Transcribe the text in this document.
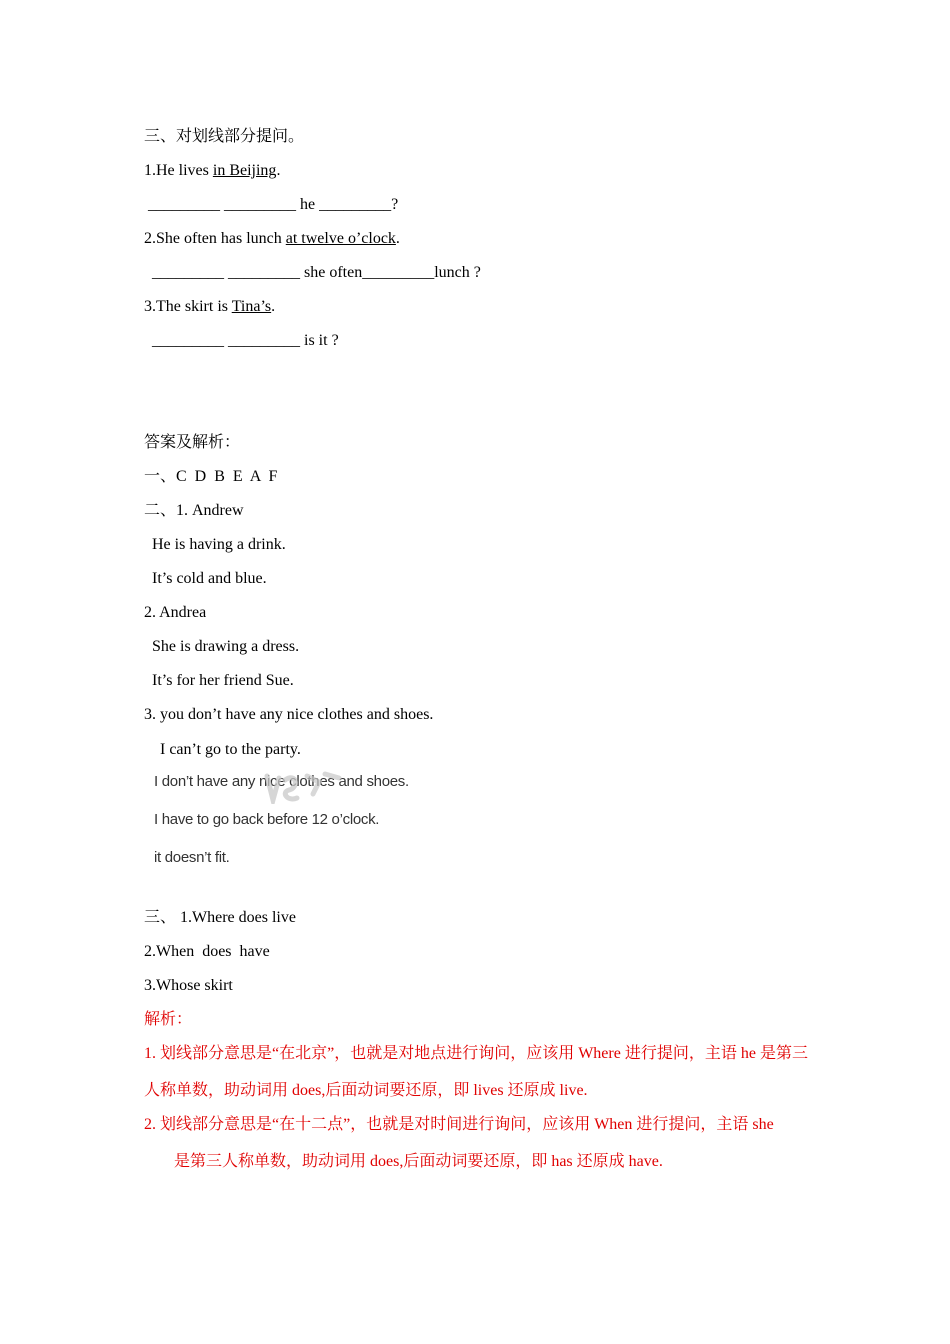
三、对划线部分提问。
1.He lives in Beijing.
_________ _________ he _________?
2.She often has lunch at twelve o’clock.
_________ _________ she often_________lunch ?
3.The skirt is Tina’s.
_________ _________ is it ?
答案及解析：
一、C  D  B  E  A  F
二、1. Andrew
He is having a drink.
It’s cold and blue.
2. Andrea
She is drawing a dress.
It’s for her friend Sue.
3. you don’t have any nice clothes and shoes.
I can’t go to the party.
I don’t have any nice clothes and shoes.
I have to go back before 12 o’clock.
it doesn’t fit.
三、 1.Where does live
2.When  does  have
3.Whose skirt
解析：
1. 划线部分意思是“在北京”，也就是对地点进行询问，应该用 Where 进行提问，主语 he 是第三人称单数，助动词用 does,后面动词要还原，即 lives 还原成 live.
2. 划线部分意思是“在十二点”，也就是对时间进行询问，应该用 When 进行提问，主语 she
是第三人称单数，助动词用 does,后面动词要还原，即 has 还原成 have.
